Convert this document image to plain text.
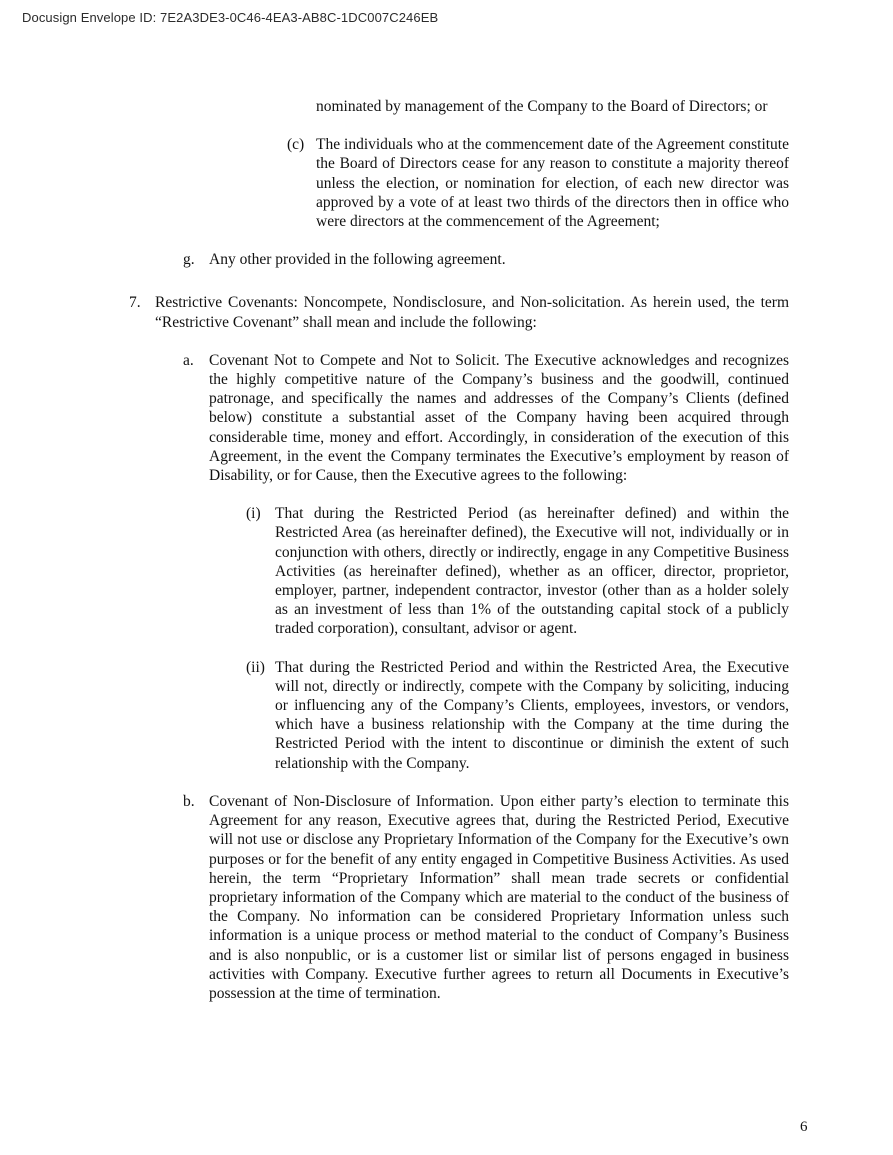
Docusign Envelope ID: 7E2A3DE3-0C46-4EA3-AB8C-1DC007C246EB
nominated by management of the Company to the Board of Directors; or
(c) The individuals who at the commencement date of the Agreement constitute the Board of Directors cease for any reason to constitute a majority thereof unless the election, or nomination for election, of each new director was approved by a vote of at least two thirds of the directors then in office who were directors at the commencement of the Agreement;
g. Any other provided in the following agreement.
7. Restrictive Covenants: Noncompete, Nondisclosure, and Non-solicitation. As herein used, the term “Restrictive Covenant” shall mean and include the following:
a. Covenant Not to Compete and Not to Solicit. The Executive acknowledges and recognizes the highly competitive nature of the Company’s business and the goodwill, continued patronage, and specifically the names and addresses of the Company’s Clients (defined below) constitute a substantial asset of the Company having been acquired through considerable time, money and effort. Accordingly, in consideration of the execution of this Agreement, in the event the Company terminates the Executive’s employment by reason of Disability, or for Cause, then the Executive agrees to the following:
(i) That during the Restricted Period (as hereinafter defined) and within the Restricted Area (as hereinafter defined), the Executive will not, individually or in conjunction with others, directly or indirectly, engage in any Competitive Business Activities (as hereinafter defined), whether as an officer, director, proprietor, employer, partner, independent contractor, investor (other than as a holder solely as an investment of less than 1% of the outstanding capital stock of a publicly traded corporation), consultant, advisor or agent.
(ii) That during the Restricted Period and within the Restricted Area, the Executive will not, directly or indirectly, compete with the Company by soliciting, inducing or influencing any of the Company’s Clients, employees, investors, or vendors, which have a business relationship with the Company at the time during the Restricted Period with the intent to discontinue or diminish the extent of such relationship with the Company.
b. Covenant of Non-Disclosure of Information. Upon either party’s election to terminate this Agreement for any reason, Executive agrees that, during the Restricted Period, Executive will not use or disclose any Proprietary Information of the Company for the Executive’s own purposes or for the benefit of any entity engaged in Competitive Business Activities. As used herein, the term “Proprietary Information” shall mean trade secrets or confidential proprietary information of the Company which are material to the conduct of the business of the Company. No information can be considered Proprietary Information unless such information is a unique process or method material to the conduct of Company’s Business and is also nonpublic, or is a customer list or similar list of persons engaged in business activities with Company. Executive further agrees to return all Documents in Executive’s possession at the time of termination.
6
